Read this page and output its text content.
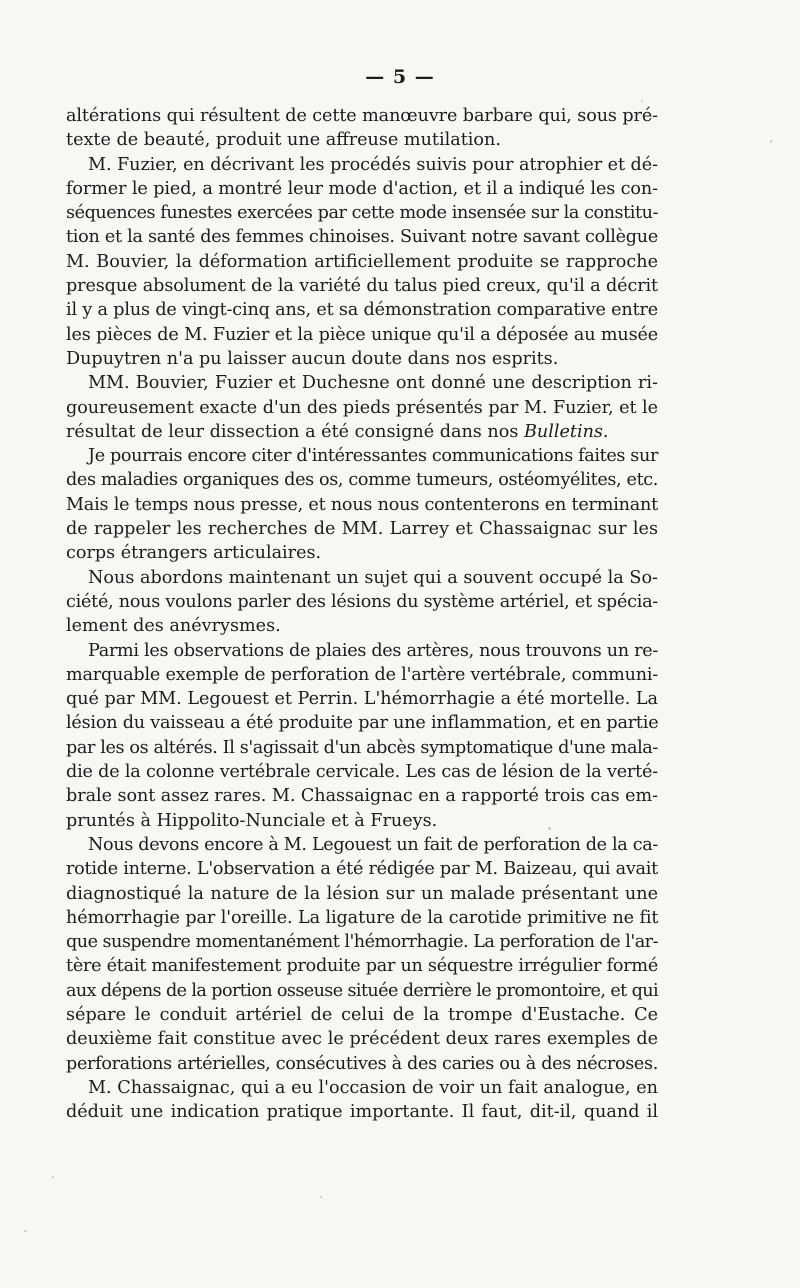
— 5 —
altérations qui résultent de cette manœuvre barbare qui, sous pré-
texte de beauté, produit une affreuse mutilation.
M. Fuzier, en décrivant les procédés suivis pour atrophier et dé-
former le pied, a montré leur mode d'action, et il a indiqué les con-
séquences funestes exercées par cette mode insensée sur la constitu-
tion et la santé des femmes chinoises. Suivant notre savant collègue
M. Bouvier, la déformation artificiellement produite se rapproche
presque absolument de la variété du talus pied creux, qu'il a décrit
il y a plus de vingt-cinq ans, et sa démonstration comparative entre
les pièces de M. Fuzier et la pièce unique qu'il a déposée au musée
Dupuytren n'a pu laisser aucun doute dans nos esprits.
MM. Bouvier, Fuzier et Duchesne ont donné une description ri-
goureusement exacte d'un des pieds présentés par M. Fuzier, et le
résultat de leur dissection a été consigné dans nos Bulletins.
Je pourrais encore citer d'intéressantes communications faites sur
des maladies organiques des os, comme tumeurs, ostéomyélites, etc.
Mais le temps nous presse, et nous nous contenterons en terminant
de rappeler les recherches de MM. Larrey et Chassaignac sur les
corps étrangers articulaires.
Nous abordons maintenant un sujet qui a souvent occupé la So-
ciété, nous voulons parler des lésions du système artériel, et spécia-
lement des anévrysmes.
Parmi les observations de plaies des artères, nous trouvons un re-
marquable exemple de perforation de l'artère vertébrale, communi-
qué par MM. Legouest et Perrin. L'hémorrhagie a été mortelle. La
lésion du vaisseau a été produite par une inflammation, et en partie
par les os altérés. Il s'agissait d'un abcès symptomatique d'une mala-
die de la colonne vertébrale cervicale. Les cas de lésion de la verté-
brale sont assez rares. M. Chassaignac en a rapporté trois cas em-
pruntés à Hippolito-Nunciale et à Frueys.
Nous devons encore à M. Legouest un fait de perforation de la ca-
rotide interne. L'observation a été rédigée par M. Baizeau, qui avait
diagnostiqué la nature de la lésion sur un malade présentant une
hémorrhagie par l'oreille. La ligature de la carotide primitive ne fit
que suspendre momentanément l'hémorrhagie. La perforation de l'ar-
tère était manifestement produite par un séquestre irrégulier formé
aux dépens de la portion osseuse située derrière le promontoire, et qui
sépare le conduit artériel de celui de la trompe d'Eustache. Ce
deuxième fait constitue avec le précédent deux rares exemples de
perforations artérielles, consécutives à des caries ou à des nécroses.
M. Chassaignac, qui a eu l'occasion de voir un fait analogue, en
déduit une indication pratique importante. Il faut, dit-il, quand il
